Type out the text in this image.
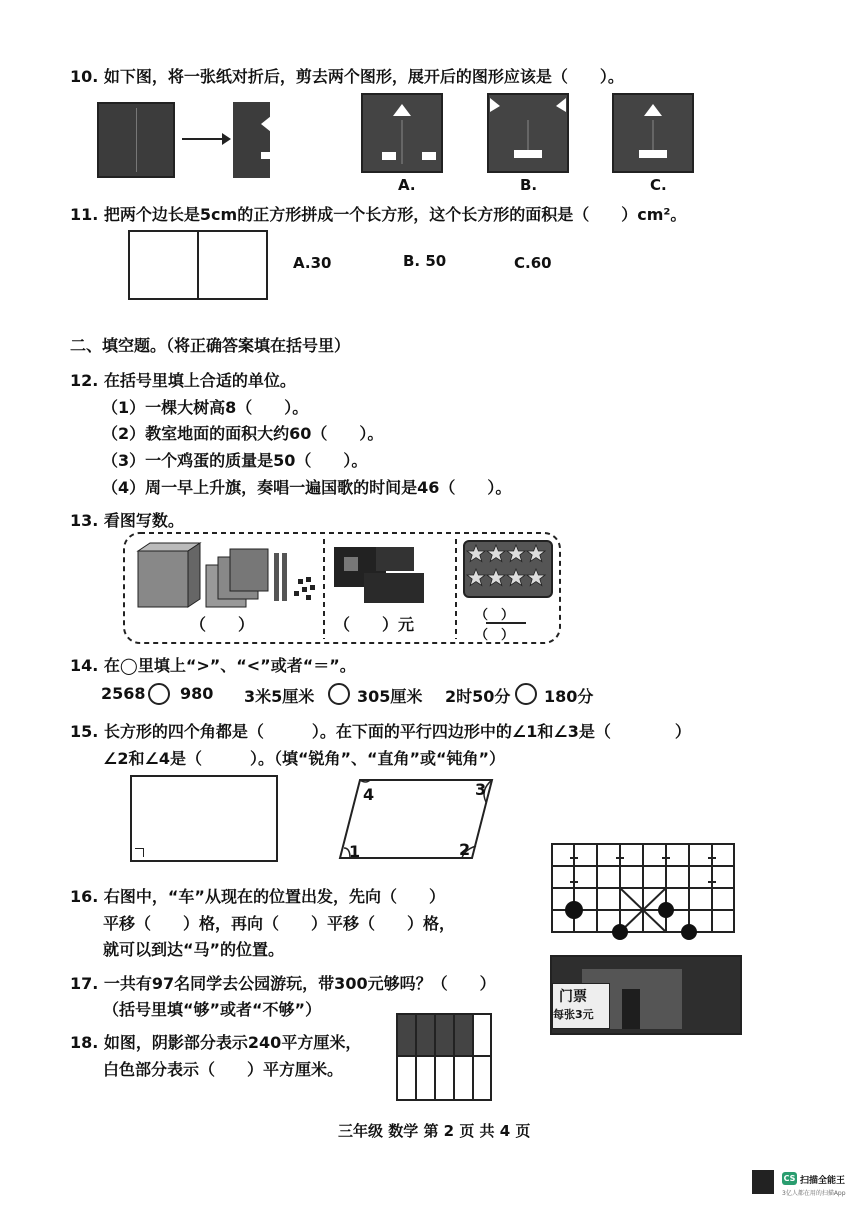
10. 如下图，将一张纸对折后，剪去两个图形，展开后的图形应该是（　　）。
A.	B.	C.
11. 把两个边长是5cm的正方形拼成一个长方形，这个长方形的面积是（　　）cm²。
A.30	B. 50	C.60
二、填空题。（将正确答案填在括号里）
12. 在括号里填上合适的单位。
（1）一棵大树高8（　　）。
（2）教室地面的面积大约60（　　）。
（3）一个鸡蛋的质量是50（　　）。
（4）周一早上升旗，奏唱一遍国歌的时间是46（　　）。
13. 看图写数。
（　　）	（　　）元	（　）
（　）
14. 在◯里填上“>”、“<”或者“＝”。
2568 980 3米5厘米	305厘米 2时50分 180分
15. 长方形的四个角都是（　　　）。在下面的平行四边形中的∠1和∠3是（　　　　）
∠2和∠4是（　　　）。（填“锐角”、“直角”或“钝角”）
1	2
3
4
16. 右图中，“车”从现在的位置出发，先向（　　）
平移（　　）格，再向（　　）平移（　　）格，
就可以到达“马”的位置。
17. 一共有97名同学去公园游玩，带300元够吗？（　　）
（括号里填“够”或者“不够”）
门票
每张3元
18. 如图，阴影部分表示240平方厘米，
白色部分表示（　　）平方厘米。
三年级 数学 第 2 页 共 4 页
CS 扫描全能王
3亿人都在用的扫描App
